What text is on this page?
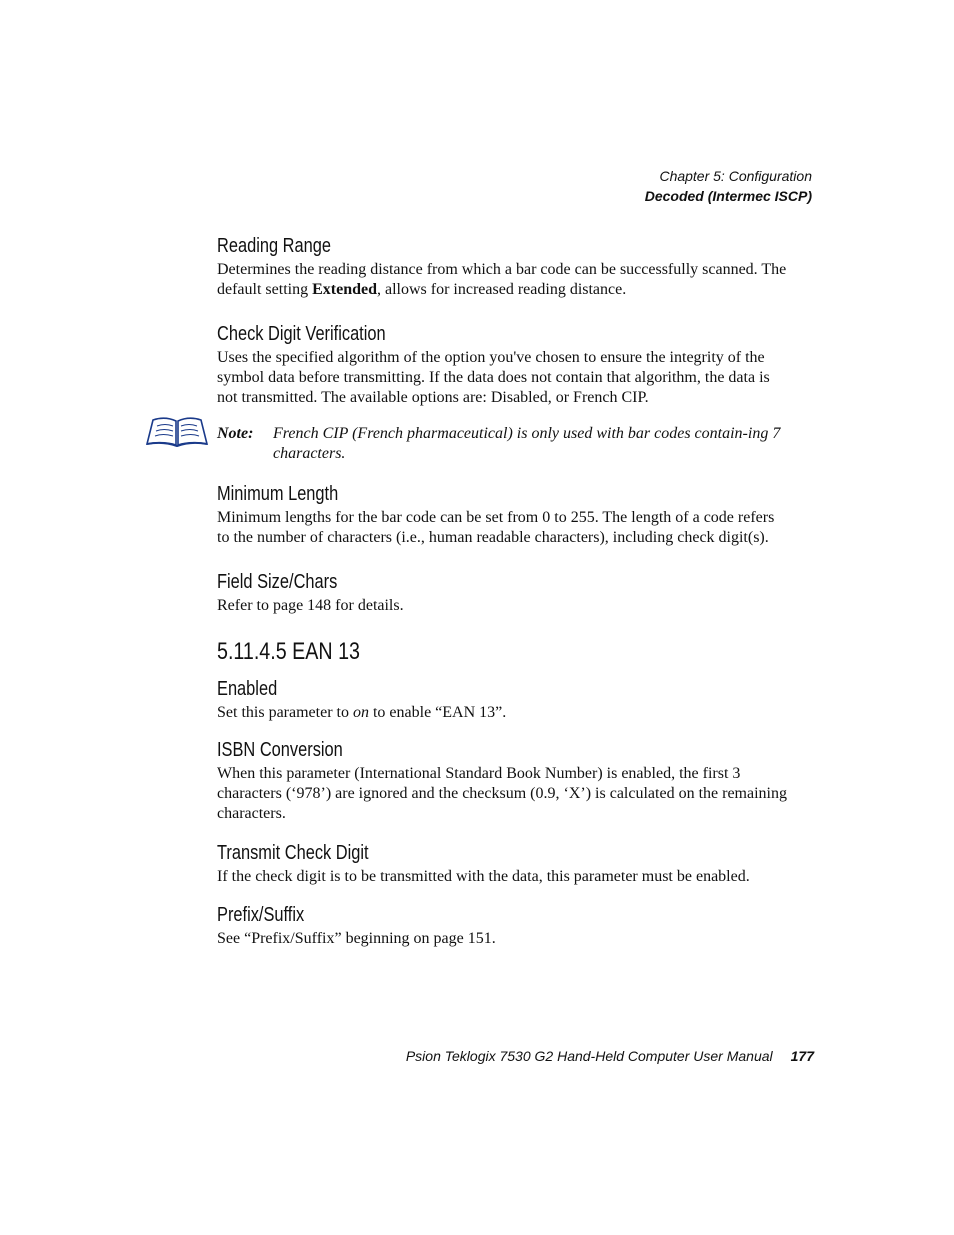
Chapter 5: Configuration
Decoded (Intermec ISCP)
Reading Range

Determines the reading distance from which a bar code can be successfully scanned. The default setting Extended, allows for increased reading distance.

Check Digit Verification

Uses the specified algorithm of the option you've chosen to ensure the integrity of the symbol data before transmitting. If the data does not contain that algorithm, the data is not transmitted. The available options are: Disabled, or French CIP.

Note:	French CIP (French pharmaceutical) is only used with bar codes contain-ing 7 characters.
Minimum Length

Minimum lengths for the bar code can be set from 0 to 255. The length of a code refers to the number of characters (i.e., human readable characters), including check digit(s).

Field Size/Chars

Refer to page 148 for details.

5.11.4.5 EAN 13
Enabled

Set this parameter to on to enable “EAN 13”.

ISBN Conversion

When this parameter (International Standard Book Number) is enabled, the first 3 characters (‘978’) are ignored and the checksum (0.9, ‘X’) is calculated on the remaining characters.

Transmit Check Digit

If the check digit is to be transmitted with the data, this parameter must be enabled.

Prefix/Suffix

See “Prefix/Suffix” beginning on page 151.

Psion Teklogix 7530 G2 Hand-Held Computer User Manual 177
